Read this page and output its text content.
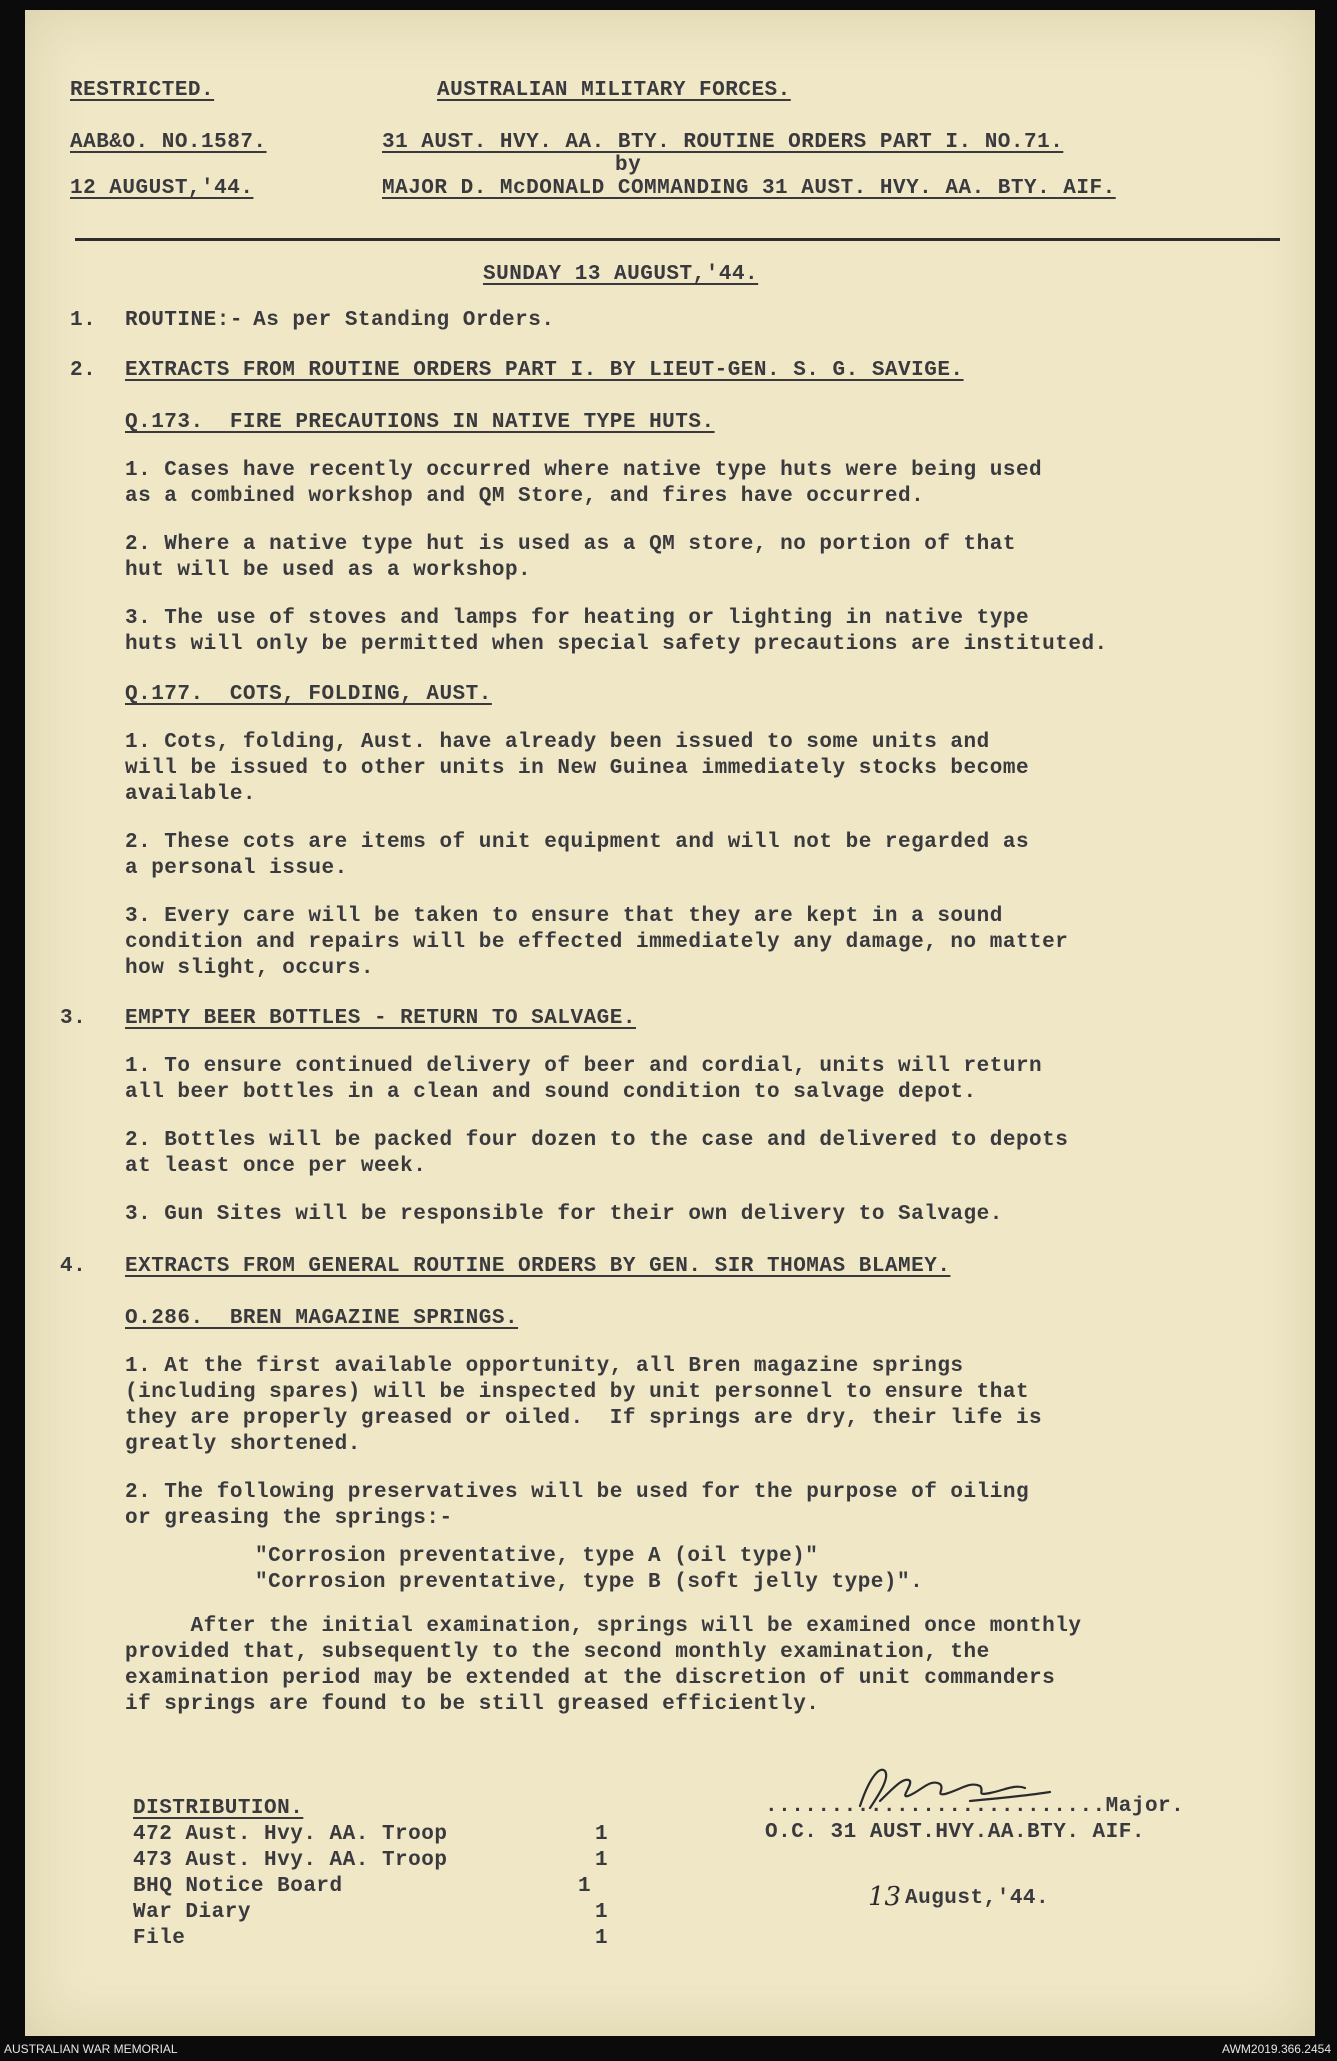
RESTRICTED.	AUSTRALIAN MILITARY FORCES.
AAB&O. NO.1587.	31 AUST. HVY. AA. BTY. ROUTINE ORDERS PART I. NO.71.
by
12 AUGUST,'44.	MAJOR D. McDONALD COMMANDING 31 AUST. HVY. AA. BTY. AIF.
SUNDAY 13 AUGUST,'44.
1. ROUTINE:-
As per Standing Orders.
2. EXTRACTS FROM ROUTINE ORDERS PART I. BY LIEUT-GEN. S. G. SAVIGE.
Q.173.  FIRE PRECAUTIONS IN NATIVE TYPE HUTS.
1. Cases have recently occurred where native type huts were being used
as a combined workshop and QM Store, and fires have occurred.
2. Where a native type hut is used as a QM store, no portion of that
hut will be used as a workshop.
3. The use of stoves and lamps for heating or lighting in native type
huts will only be permitted when special safety precautions are instituted.
Q.177.  COTS, FOLDING, AUST.
1. Cots, folding, Aust. have already been issued to some units and
will be issued to other units in New Guinea immediately stocks become
available.
2. These cots are items of unit equipment and will not be regarded as
a personal issue.
3. Every care will be taken to ensure that they are kept in a sound
condition and repairs will be effected immediately any damage, no matter
how slight, occurs.
3. EMPTY BEER BOTTLES - RETURN TO SALVAGE.
1. To ensure continued delivery of beer and cordial, units will return
all beer bottles in a clean and sound condition to salvage depot.
2. Bottles will be packed four dozen to the case and delivered to depots
at least once per week.
3. Gun Sites will be responsible for their own delivery to Salvage.
4. EXTRACTS FROM GENERAL ROUTINE ORDERS BY GEN. SIR THOMAS BLAMEY.
O.286.  BREN MAGAZINE SPRINGS.
1. At the first available opportunity, all Bren magazine springs
(including spares) will be inspected by unit personnel to ensure that
they are properly greased or oiled.  If springs are dry, their life is
greatly shortened.
2. The following preservatives will be used for the purpose of oiling
or greasing the springs:-
"Corrosion preventative, type A (oil type)"
"Corrosion preventative, type B (soft jelly type)".
After the initial examination, springs will be examined once monthly
provided that, subsequently to the second monthly examination, the
examination period may be extended at the discretion of unit commanders
if springs are found to be still greased efficiently.
DISTRIBUTION.
472 Aust. Hvy. AA. Troop	1
473 Aust. Hvy. AA. Troop	1
BHQ Notice Board	1
War Diary	1
File	1
..........................Major.
O.C. 31 AUST.HVY.AA.BTY. AIF.
13 August,'44.
AUSTRALIAN WAR MEMORIAL	AWM2019.366.2454
